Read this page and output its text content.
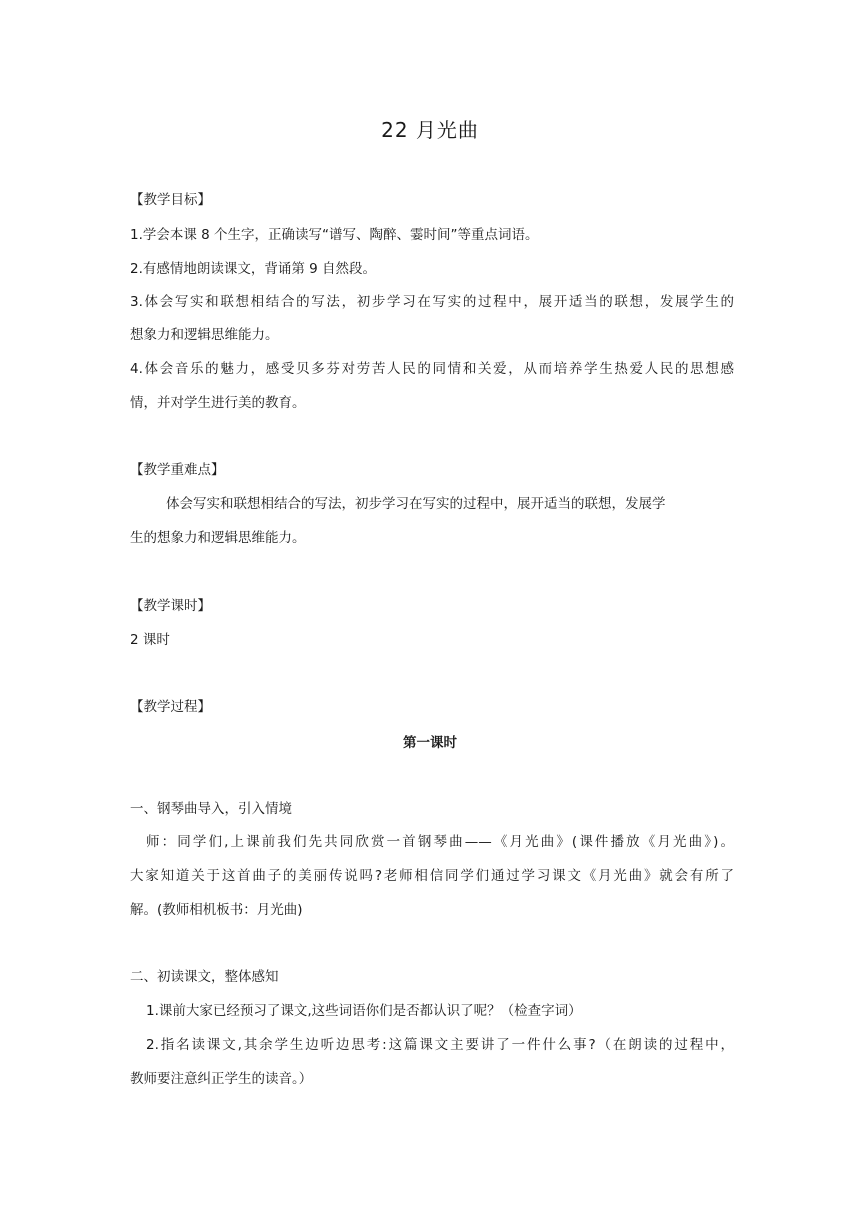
22 月光曲
【教学目标】
1.学会本课 8 个生字，正确读写“谱写、陶醉、霎时间”等重点词语。
2.有感情地朗读课文，背诵第 9 自然段。
3.体会写实和联想相结合的写法，初步学习在写实的过程中，展开适当的联想，发展学生的
想象力和逻辑思维能力。
4.体会音乐的魅力，感受贝多芬对劳苦人民的同情和关爱，从而培养学生热爱人民的思想感
情，并对学生进行美的教育。
【教学重难点】
体会写实和联想相结合的写法，初步学习在写实的过程中，展开适当的联想，发展学
生的想象力和逻辑思维能力。
【教学课时】
2 课时
【教学过程】
第一课时
一、钢琴曲导入，引入情境
师：同学们,上课前我们先共同欣赏一首钢琴曲——《月光曲》(课件播放《月光曲》)。
大家知道关于这首曲子的美丽传说吗?老师相信同学们通过学习课文《月光曲》就会有所了
解。(教师相机板书：月光曲)
二、初读课文，整体感知
1.课前大家已经预习了课文,这些词语你们是否都认识了呢？（检查字词）
2.指名读课文,其余学生边听边思考:这篇课文主要讲了一件什么事?（在朗读的过程中，
教师要注意纠正学生的读音。）
